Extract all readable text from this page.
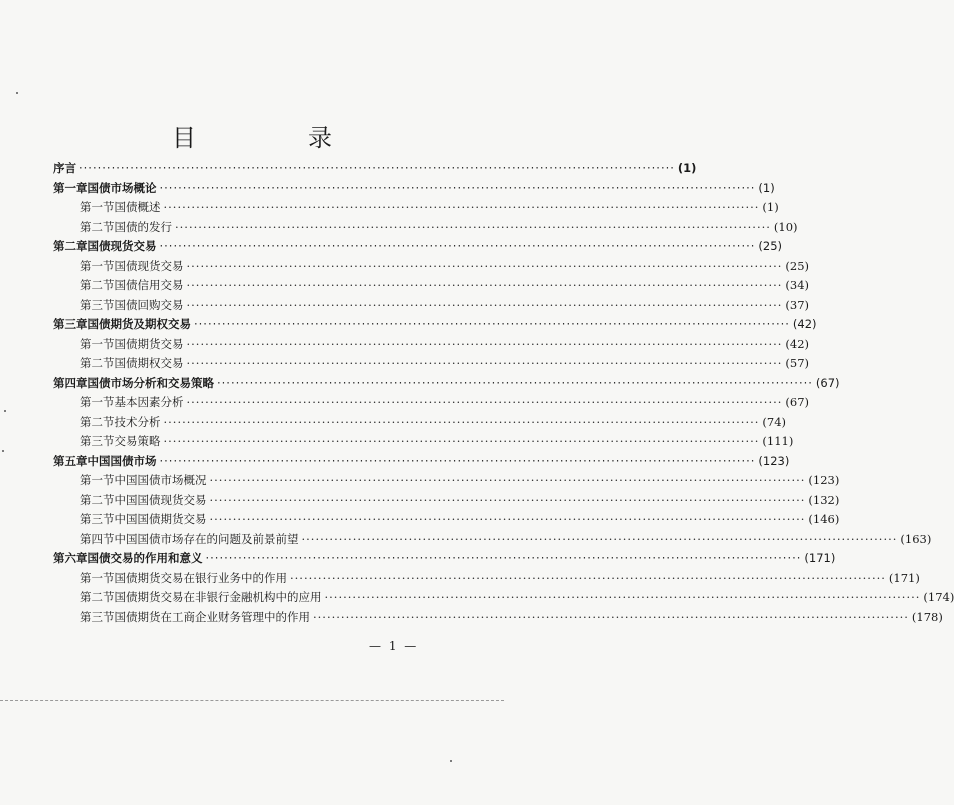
目　录
序言 ·····	(1)
第一章 国债市场概论 ·····	(1)
第一节 国债概述 ·····	(1)
第二节 国债的发行 ·····	(10)
第二章 国债现货交易 ·····	(25)
第一节 国债现货交易 ·····	(25)
第二节 国债信用交易 ·····	(34)
第三节 国债回购交易 ·····	(37)
第三章 国债期货及期权交易 ·····	(42)
第一节 国债期货交易 ·····	(42)
第二节 国债期权交易 ·····	(57)
第四章 国债市场分析和交易策略 ·····	(67)
第一节 基本因素分析 ·····	(67)
第二节 技术分析 ·····	(74)
第三节 交易策略 ·····	(111)
第五章 中国国债市场 ·····	(123)
第一节 中国国债市场概况 ·····	(123)
第二节 中国国债现货交易 ·····	(132)
第三节 中国国债期货交易 ·····	(146)
第四节 中国国债市场存在的问题及前景前望 ·····	(163)
第六章 国债交易的作用和意义 ·····	(171)
第一节 国债期货交易在银行业务中的作用 ·····	(171)
第二节 国债期货交易在非银行金融机构中的应用 ·····	(174)
第三节 国债期货在工商企业财务管理中的作用 ·····	(178)
— 1 —
